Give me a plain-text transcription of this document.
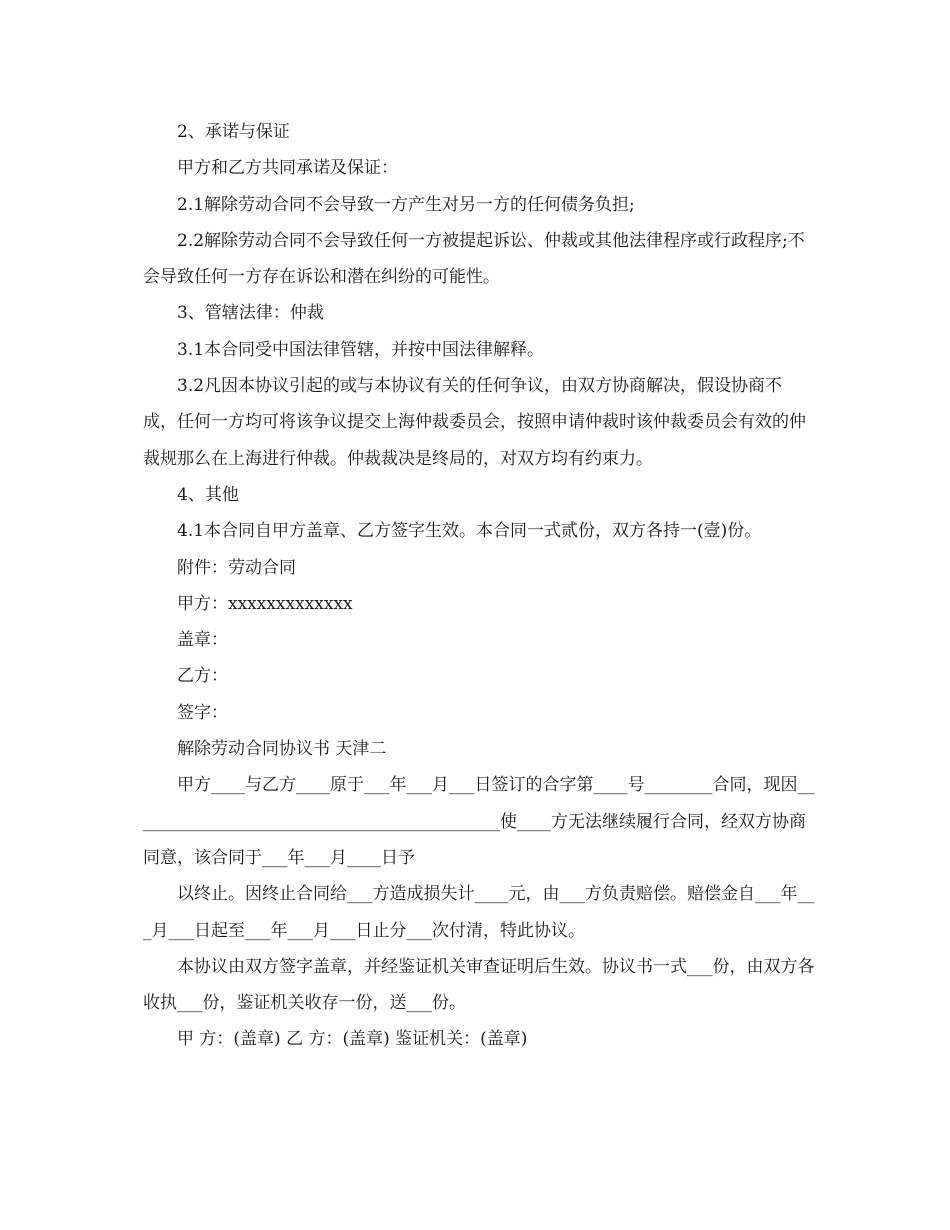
2、承诺与保证

甲方和乙方共同承诺及保证：

2.1解除劳动合同不会导致一方产生对另一方的任何债务负担;

2.2解除劳动合同不会导致任何一方被提起诉讼、仲裁或其他法律程序或行政程序;不会导致任何一方存在诉讼和潜在纠纷的可能性。

3、管辖法律：仲裁

3.1本合同受中国法律管辖，并按中国法律解释。

3.2凡因本协议引起的或与本协议有关的任何争议，由双方协商解决，假设协商不成，任何一方均可将该争议提交上海仲裁委员会，按照申请仲裁时该仲裁委员会有效的仲裁规那么在上海进行仲裁。仲裁裁决是终局的，对双方均有约束力。

4、其他

4.1本合同自甲方盖章、乙方签字生效。本合同一式贰份，双方各持一(壹)份。

附件：劳动合同

甲方：xxxxxxxxxxxxx

盖章：

乙方：

签字：

解除劳动合同协议书 天津二

甲方____与乙方____原于___年___月___日签订的合字第____号________合同，现因____________________________________________使____方无法继续履行合同，经双方协商同意，该合同于___年___月____日予

以终止。因终止合同给___方造成损失计____元，由___方负责赔偿。赔偿金自___年___月___日起至___年___月___日止分___次付清，特此协议。

本协议由双方签字盖章，并经鉴证机关审查证明后生效。协议书一式___份，由双方各收执___份，鉴证机关收存一份，送___份。

甲 方：(盖章) 乙 方：(盖章) 鉴证机关：(盖章)
